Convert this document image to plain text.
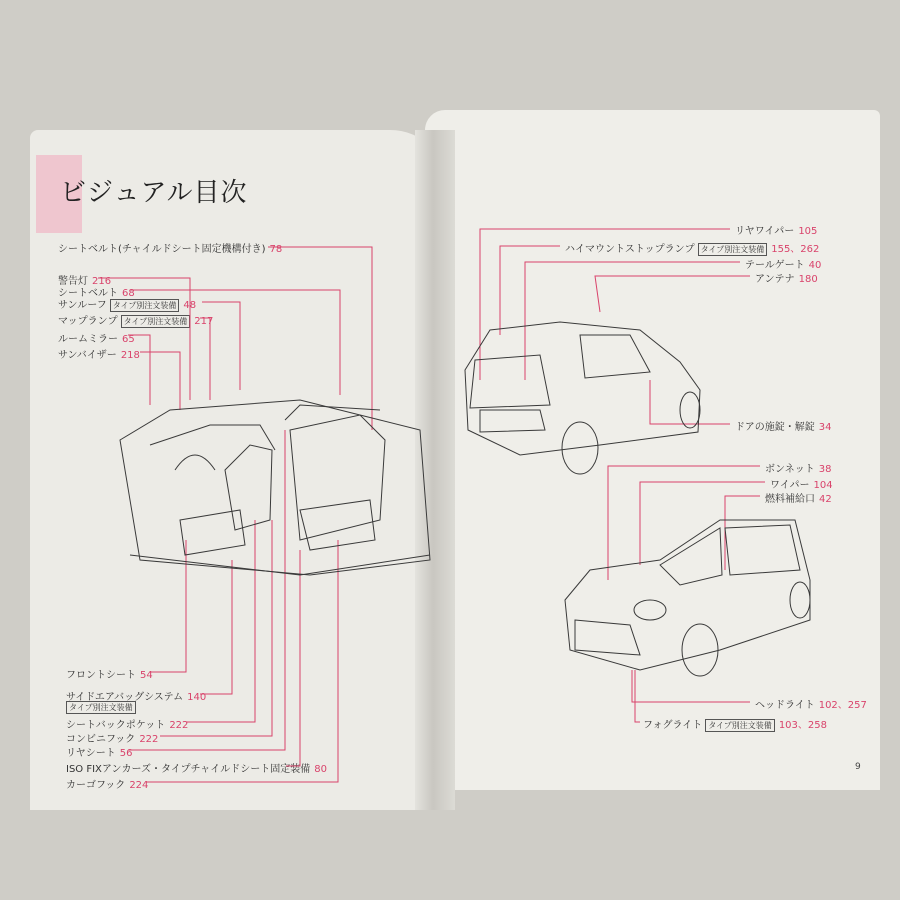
ビジュアル目次
シートベルト(チャイルドシート固定機構付き) 78
警告灯 216
シートベルト 68
サンルーフ タイプ別注文装備 48
マップランプ タイプ別注文装備 217
ルームミラー 65
サンバイザー 218
フロントシート 54
サイドエアバッグシステム 140
タイプ別注文装備
シートバックポケット 222
コンビニフック 222
リヤシート 56
ISO FIXアンカーズ・タイプチャイルドシート固定装備 80
カーゴフック 224
リヤワイパー 105
ハイマウントストップランプ タイプ別注文装備 155、262
テールゲート 40
アンテナ 180
ドアの施錠・解錠 34
ボンネット 38
ワイパー 104
燃料補給口 42
ヘッドライト 102、257
フォグライト タイプ別注文装備 103、258
9
